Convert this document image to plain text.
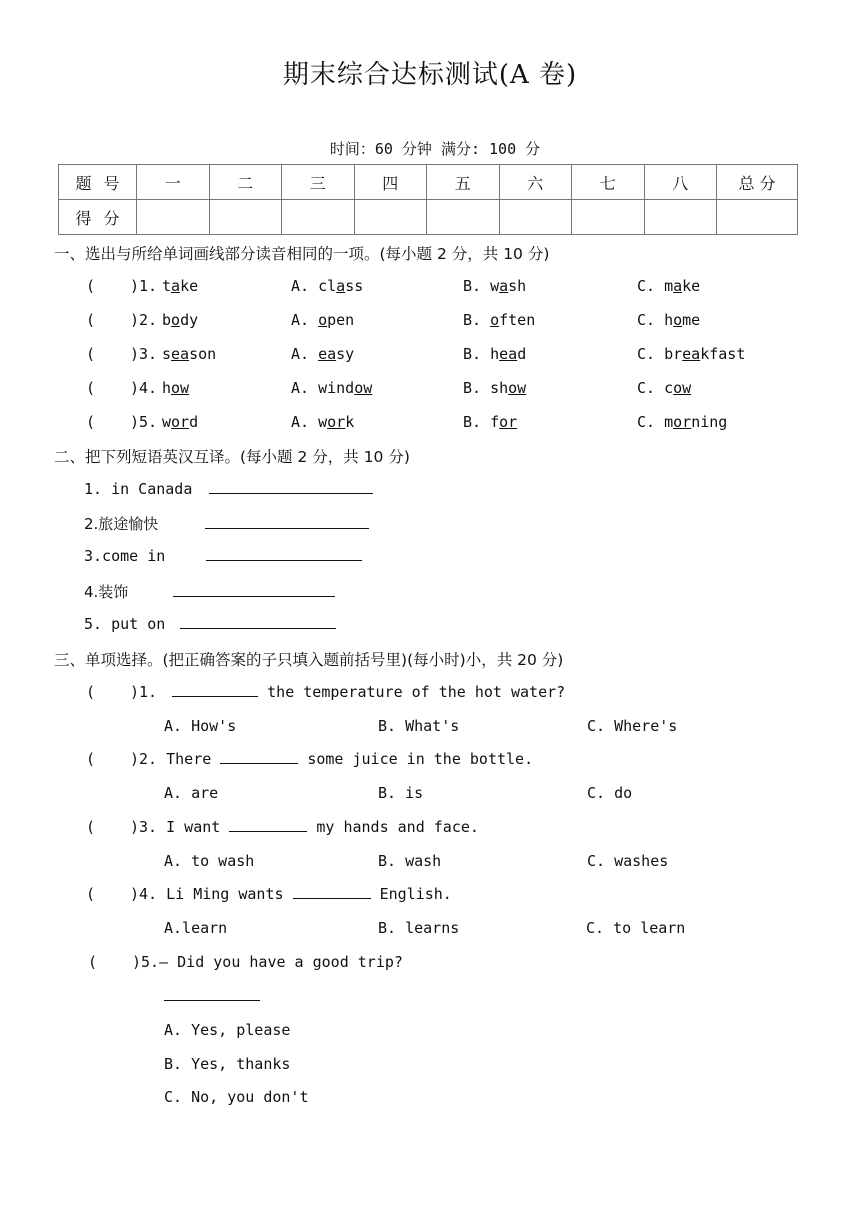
期末综合达标测试(A 卷)
时间：60 分钟 满分: 100 分
题号	一	二	三	四	五	六	七	八	总 分
得分									
一、选出与所给单词画线部分读音相同的一项。(每小题 2 分，共 10 分)
( )1. take	A. class	B. wash	C. make
( )2. body	A. open	B. often	C. home
( )3. season	A. easy	B. head	C. breakfast
( )4. how	A. window	B. show	C. cow
( )5. word	A. work	B. for	C. morning
二、把下列短语英汉互译。(每小题 2 分，共 10 分)
1. in Canada
2.旅途愉快
3.come in
4.装饰
5. put on
三、单项选择。(把正确答案的子只填入题前括号里)(每小时)小，共 20 分)
( )1.	the temperature of the hot water?
A. How's	B. What's	C. Where's
( )2. There	some juice in the bottle.
A. are	B. is	C. do
( )3. I want	my hands and face.
A. to wash	B. wash	C. washes
( )4. Li Ming wants	English.
A.learn	B. learns	C. to learn
( )5.— Did you have a good trip?
A. Yes, please
B. Yes, thanks
C. No, you don't
